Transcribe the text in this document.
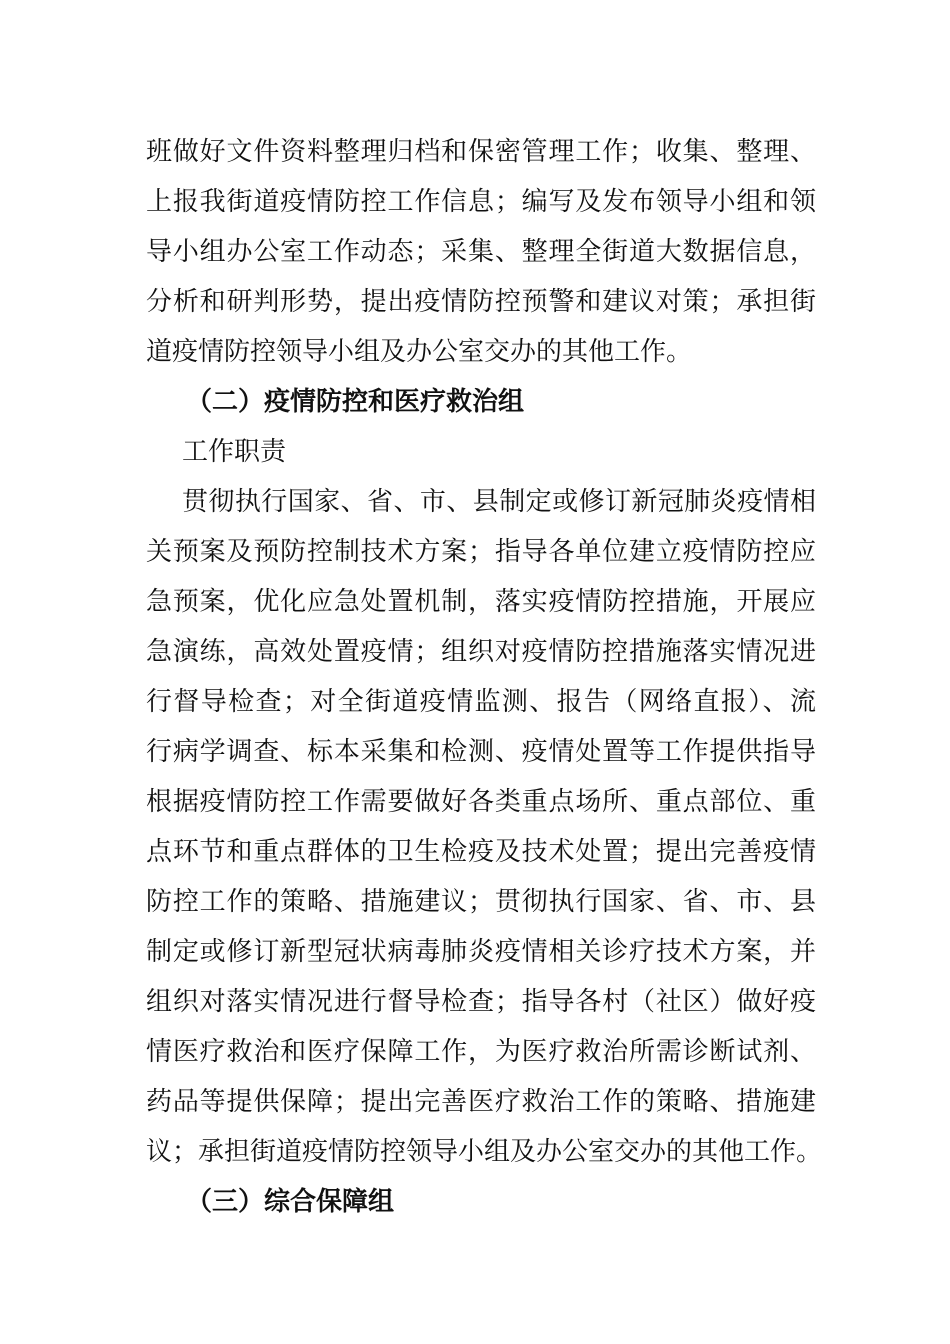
班做好文件资料整理归档和保密管理工作；收集、整理、
上报我街道疫情防控工作信息；编写及发布领导小组和领
导小组办公室工作动态；采集、整理全街道大数据信息，
分析和研判形势，提出疫情防控预警和建议对策；承担街
道疫情防控领导小组及办公室交办的其他工作。
（二）疫情防控和医疗救治组
工作职责
贯彻执行国家、省、市、县制定或修订新冠肺炎疫情相
关预案及预防控制技术方案；指导各单位建立疫情防控应
急预案，优化应急处置机制，落实疫情防控措施，开展应
急演练，高效处置疫情；组织对疫情防控措施落实情况进
行督导检查；对全街道疫情监测、报告（网络直报）、流
行病学调查、标本采集和检测、疫情处置等工作提供指导
根据疫情防控工作需要做好各类重点场所、重点部位、重
点环节和重点群体的卫生检疫及技术处置；提出完善疫情
防控工作的策略、措施建议；贯彻执行国家、省、市、县
制定或修订新型冠状病毒肺炎疫情相关诊疗技术方案，并
组织对落实情况进行督导检查；指导各村（社区）做好疫
情医疗救治和医疗保障工作，为医疗救治所需诊断试剂、
药品等提供保障；提出完善医疗救治工作的策略、措施建
议；承担街道疫情防控领导小组及办公室交办的其他工作。
（三）综合保障组
